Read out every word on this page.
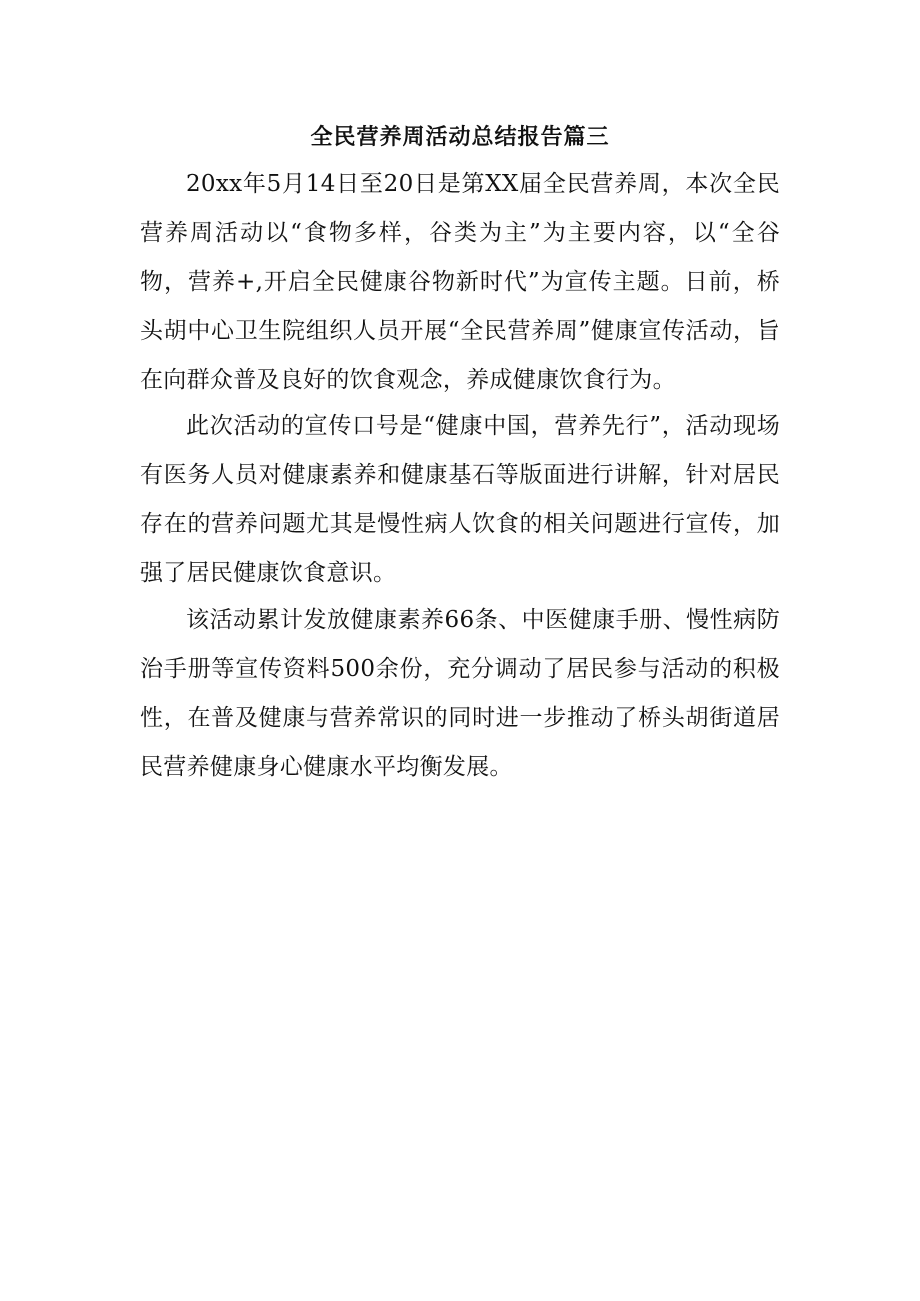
全民营养周活动总结报告篇三

20xx年5月14日至20日是第XX届全民营养周，本次全民营养周活动以“食物多样，谷类为主”为主要内容，以“全谷物，营养+,开启全民健康谷物新时代”为宣传主题。日前，桥头胡中心卫生院组织人员开展“全民营养周”健康宣传活动，旨在向群众普及良好的饮食观念，养成健康饮食行为。

此次活动的宣传口号是“健康中国，营养先行”，活动现场有医务人员对健康素养和健康基石等版面进行讲解，针对居民存在的营养问题尤其是慢性病人饮食的相关问题进行宣传，加强了居民健康饮食意识。

该活动累计发放健康素养66条、中医健康手册、慢性病防治手册等宣传资料500余份，充分调动了居民参与活动的积极性，在普及健康与营养常识的同时进一步推动了桥头胡街道居民营养健康身心健康水平均衡发展。
